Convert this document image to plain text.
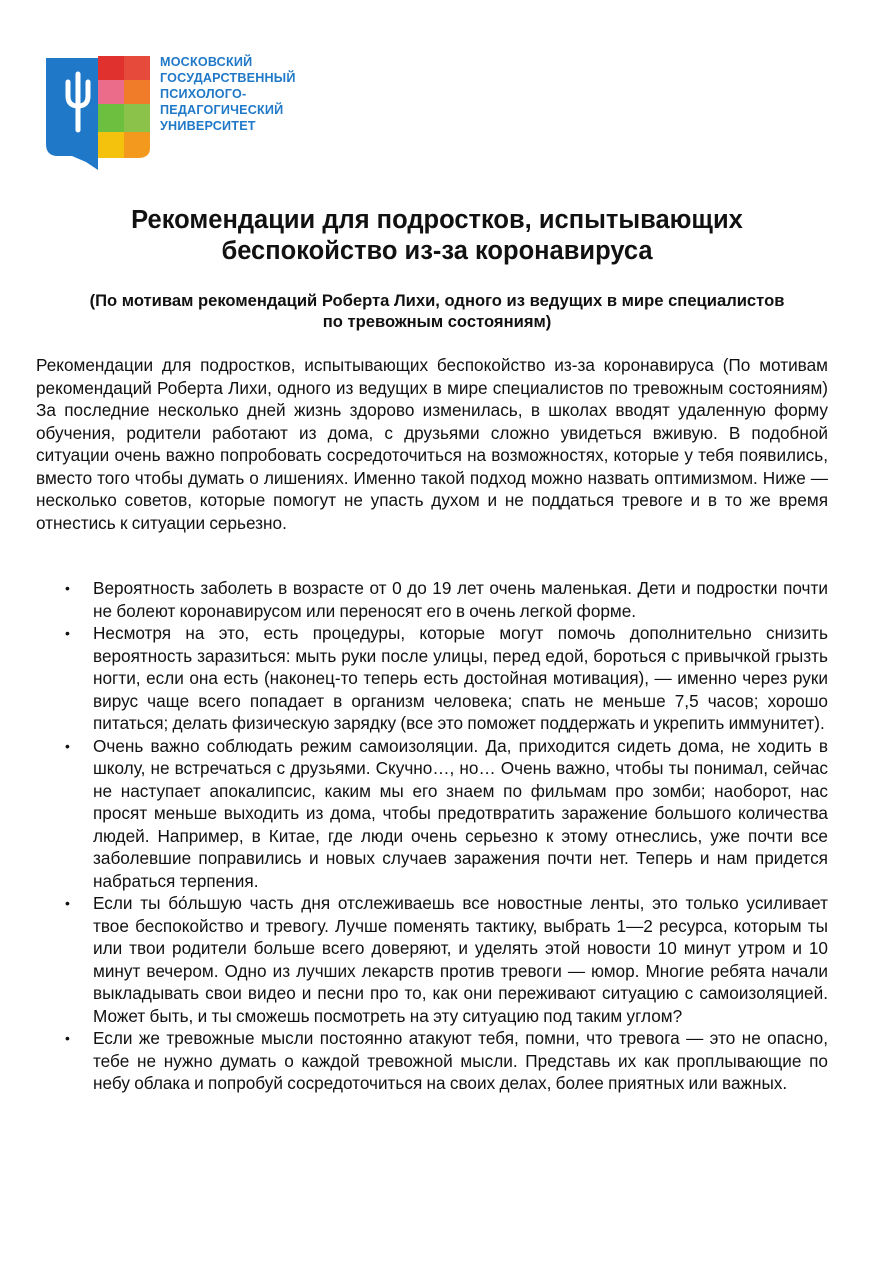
МОСКОВСКИЙ
ГОСУДАРСТВЕННЫЙ
ПСИХОЛОГО-
ПЕДАГОГИЧЕСКИЙ
УНИВЕРСИТЕТ
Рекомендации для подростков, испытывающих
беспокойство из-за коронавируса

(По мотивам рекомендаций Роберта Лихи, одного из ведущих в мире специалистов
по тревожным состояниям)

Рекомендации для подростков, испытывающих беспокойство из-за коронавируса (По мотивам рекомендаций Роберта Лихи, одного из ведущих в мире специалистов по тревожным состояниям) За последние несколько дней жизнь здорово изменилась, в школах вводят удаленную форму обучения, родители работают из дома, с друзьями сложно увидеться вживую. В подобной ситуации очень важно попробовать сосредоточиться на возможностях, которые у тебя появились, вместо того чтобы думать о лишениях. Именно такой подход можно назвать оптимизмом. Ниже — несколько советов, которые помогут не упасть духом и не поддаться тревоге и в то же время отнестись к ситуации серьезно.

• Вероятность заболеть в возрасте от 0 до 19 лет очень маленькая. Дети и подростки почти не болеют коронавирусом или переносят его в очень легкой форме.
• Несмотря на это, есть процедуры, которые могут помочь дополнительно снизить вероятность заразиться: мыть руки после улицы, перед едой, бороться с привычкой грызть ногти, если она есть (наконец-то теперь есть достойная мотивация), — именно через руки вирус чаще всего попадает в организм человека; спать не меньше 7,5 часов; хорошо питаться; делать физическую зарядку (все это поможет поддержать и укрепить иммунитет).
• Очень важно соблюдать режим самоизоляции. Да, приходится сидеть дома, не ходить в школу, не встречаться с друзьями. Скучно…, но… Очень важно, чтобы ты понимал, сейчас не наступает апокалипсис, каким мы его знаем по фильмам про зомби; наоборот, нас просят меньше выходить из дома, чтобы предотвратить заражение большого количества людей. Например, в Китае, где люди очень серьезно к этому отнеслись, уже почти все заболевшие поправились и новых случаев заражения почти нет. Теперь и нам придется набраться терпения.
• Если ты бо́льшую часть дня отслеживаешь все новостные ленты, это только усиливает твое беспокойство и тревогу. Лучше поменять тактику, выбрать 1—2 ресурса, которым ты или твои родители больше всего доверяют, и уделять этой новости 10 минут утром и 10 минут вечером. Одно из лучших лекарств против тревоги — юмор. Многие ребята начали выкладывать свои видео и песни про то, как они переживают ситуацию с самоизоляцией. Может быть, и ты сможешь посмотреть на эту ситуацию под таким углом?
• Если же тревожные мысли постоянно атакуют тебя, помни, что тревога — это не опасно, тебе не нужно думать о каждой тревожной мысли. Представь их как проплывающие по небу облака и попробуй сосредоточиться на своих делах, более приятных или важных.
